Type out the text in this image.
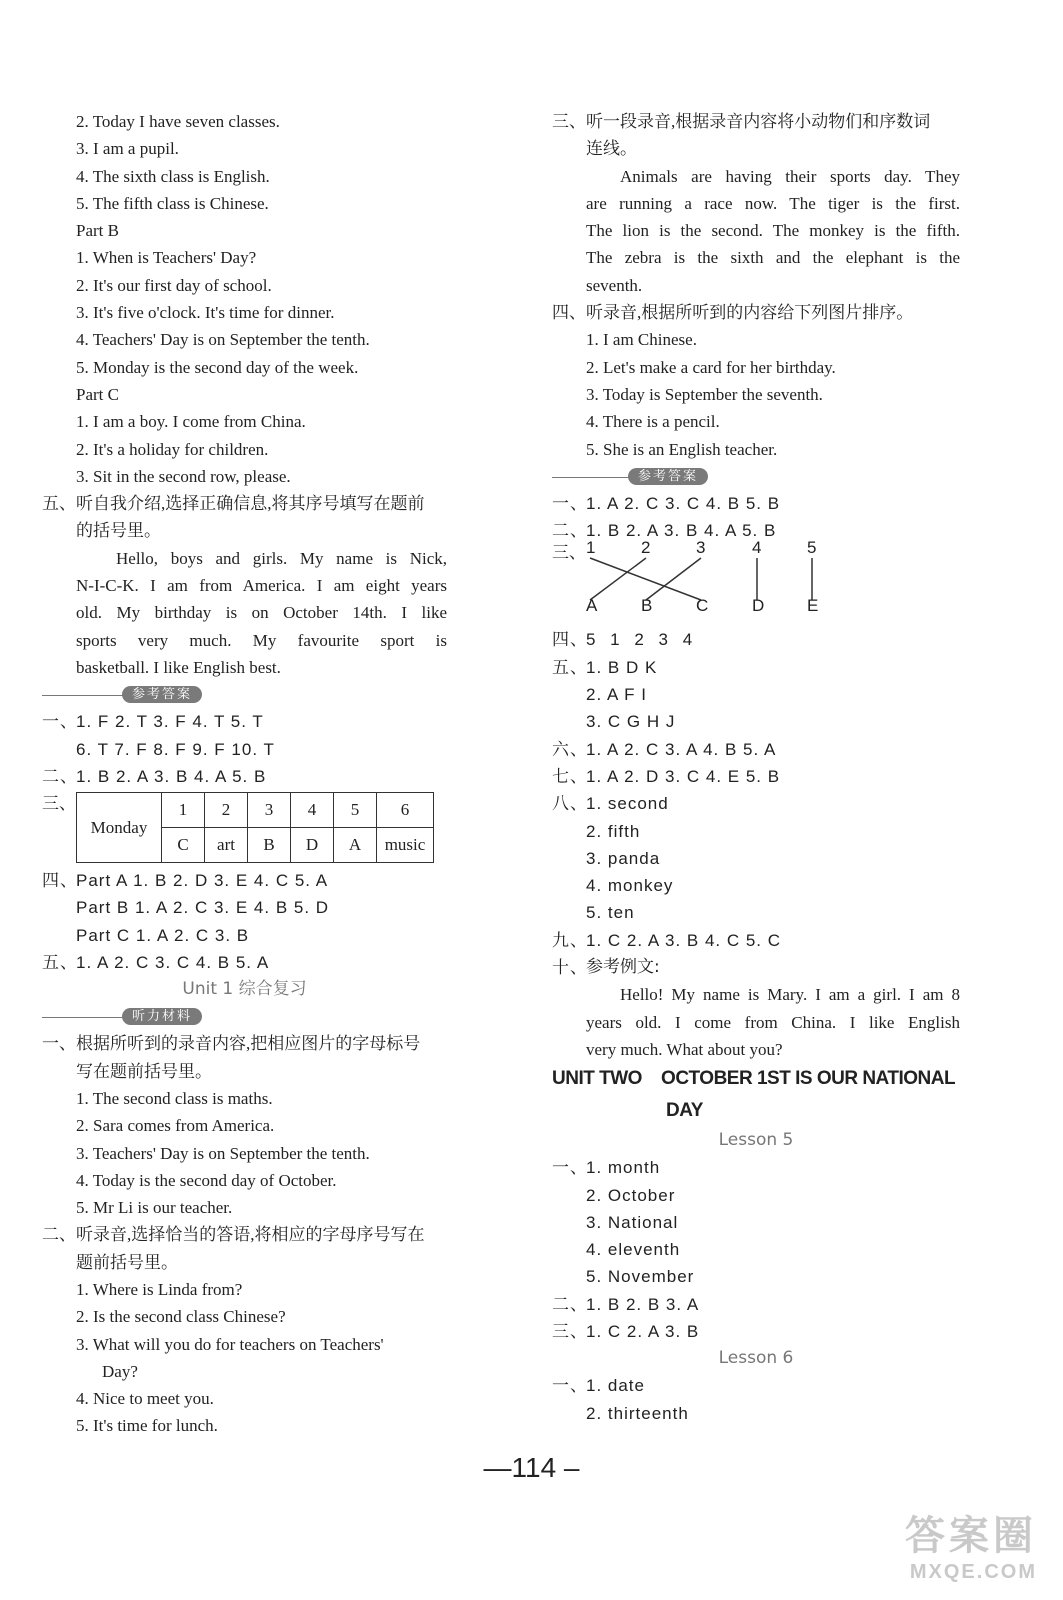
2. Today I have seven classes.
3. I am a pupil.
4. The sixth class is English.
5. The fifth class is Chinese.
Part B
1. When is Teachers' Day?
2. It's our first day of school.
3. It's five o'clock. It's time for dinner.
4. Teachers' Day is on September the tenth.
5. Monday is the second day of the week.
Part C
1. I am a boy. I come from China.
2. It's a holiday for children.
3. Sit in the second row, please.
五、 听自我介绍,选择正确信息,将其序号填写在题前
的括号里。
Hello, boys and girls. My name is Nick,
N-I-C-K. I am from America. I am eight years
old. My birthday is on October 14th. I like
sports very much. My favourite sport is
basketball. I like English best.
参考答案
一、
1. F 2. T 3. F 4. T 5. T
6. T 7. F 8. F 9. F 10. T
二、
1. B 2. A 3. B 4. A 5. B
三、
Monday	1	2	3	4	5	6
	C	art	B	D	A	music
四、
Part A 1. B 2. D 3. E 4. C 5. A
Part B 1. A 2. C 3. E 4. B 5. D
Part C 1. A 2. C 3. B
五、
1. A 2. C 3. C 4. B 5. A
Unit 1 综合复习
听力材料
一、 根据所听到的录音内容,把相应图片的字母标号
写在题前括号里。
1. The second class is maths.
2. Sara comes from America.
3. Teachers' Day is on September the tenth.
4. Today is the second day of October.
5. Mr Li is our teacher.
二、 听录音,选择恰当的答语,将相应的字母序号写在
题前括号里。
1. Where is Linda from?
2. Is the second class Chinese?
3. What will you do for teachers on Teachers'
Day?
4. Nice to meet you.
5. It's time for lunch.
三、 听一段录音,根据录音内容将小动物们和序数词
连线。
Animals are having their sports day. They
are running a race now. The tiger is the first.
The lion is the second. The monkey is the fifth.
The zebra is the sixth and the elephant is the
seventh.
四、 听录音,根据所听到的内容给下列图片排序。
1. I am Chinese.
2. Let's make a card for her birthday.
3. Today is September the seventh.
4. There is a pencil.
5. She is an English teacher.
参考答案
一、
1. A 2. C 3. C 4. B 5. B
二、
1. B 2. A 3. B 4. A 5. B
三、 1	2	3	4	5
A	B	C	D	E
四、
5 1 2 3 4
五、
1. B D K
2. A F I
3. C G H J
六、
1. A 2. C 3. A 4. B 5. A
七、
1. A 2. D 3. C 4. E 5. B
八、
1. second
2. fifth
3. panda
4. monkey
5. ten
九、
1. C 2. A 3. B 4. C 5. C
十、
参考例文:
Hello! My name is Mary. I am a girl. I am 8
years old. I come from China. I like English
very much. What about you?
UNIT TWO    OCTOBER 1ST IS OUR NATIONAL
DAY
Lesson 5
一、
1. month
2. October
3. National
4. eleventh
5. November
二、
1. B 2. B 3. A
三、
1. C 2. A 3. B
Lesson 6
一、
1. date
2. thirteenth
—114 –
答案圈
MXQE.COM
